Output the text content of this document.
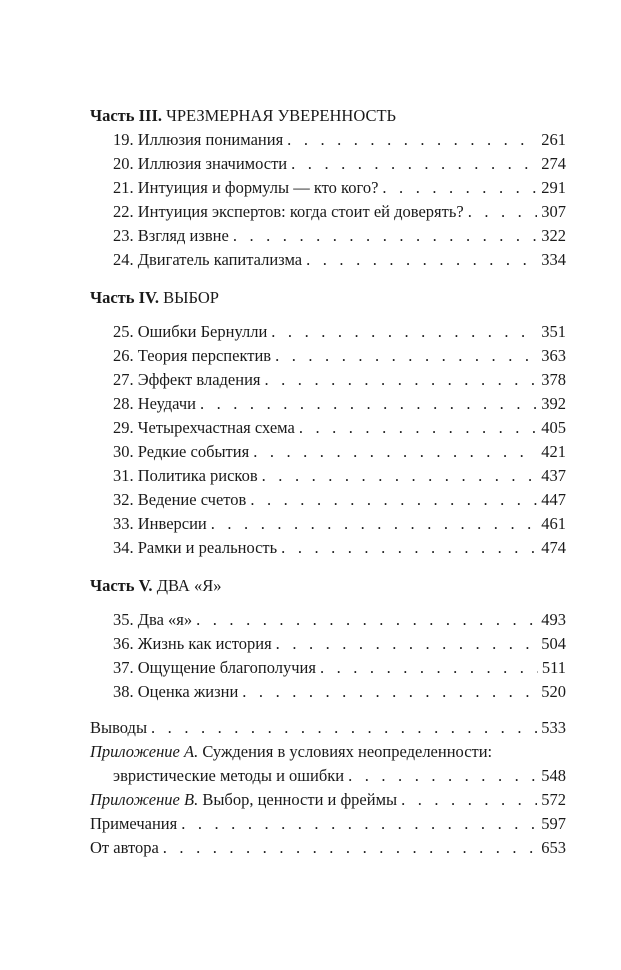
Часть III. ЧРЕЗМЕРНАЯ УВЕРЕННОСТЬ
19. Иллюзия понимания . . .	261
20. Иллюзия значимости . . .	274
21. Интуиция и формулы — кто кого? . . .	291
22. Интуиция экспертов: когда стоит ей доверять? . . .	307
23. Взгляд извне . . .	322
24. Двигатель капитализма . . .	334
Часть IV. ВЫБОР
25. Ошибки Бернулли . . .	351
26. Теория перспектив . . .	363
27. Эффект владения . . .	378
28. Неудачи . . .	392
29. Четырехчастная схема . . .	405
30. Редкие события . . .	421
31. Политика рисков . . .	437
32. Ведение счетов . . .	447
33. Инверсии . . .	461
34. Рамки и реальность . . .	474
Часть V. ДВА «Я»
35. Два «я» . . .	493
36. Жизнь как история . . .	504
37. Ощущение благополучия . . .	511
38. Оценка жизни . . .	520
Выводы . . .	533
Приложение А. Суждения в условиях неопределенности:
эвристические методы и ошибки . . .	548
Приложение В. Выбор, ценности и фреймы . . .	572
Примечания . . .	597
От автора . . .	653
